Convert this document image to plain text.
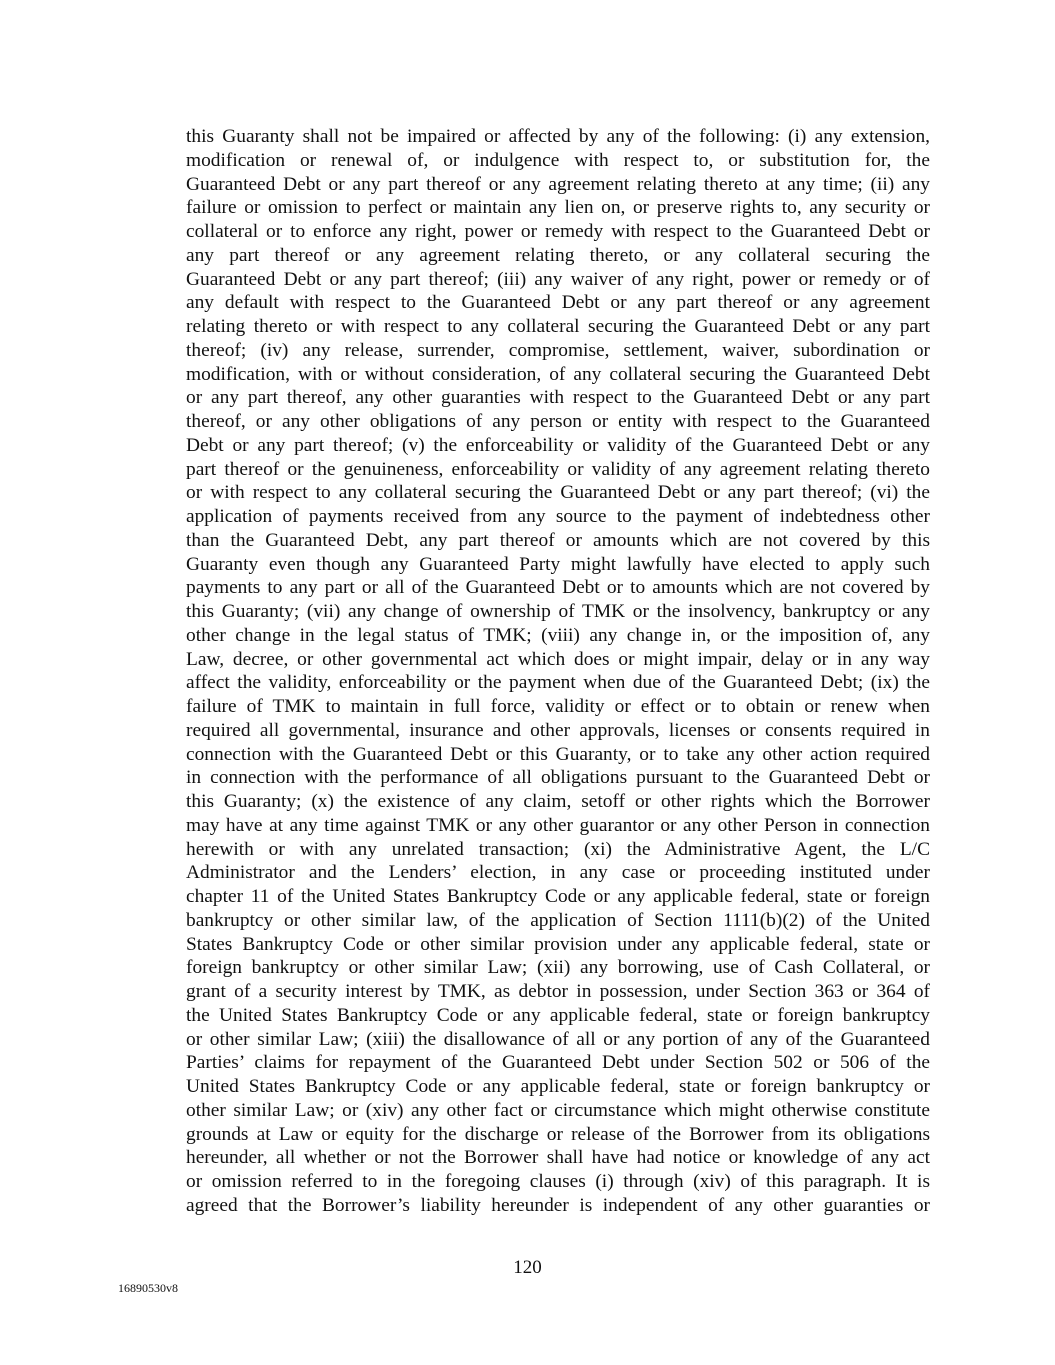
this Guaranty shall not be impaired or affected by any of the following: (i) any extension,
modification or renewal of, or indulgence with respect to, or substitution for, the
Guaranteed Debt or any part thereof or any agreement relating thereto at any time; (ii) any
failure or omission to perfect or maintain any lien on, or preserve rights to, any security or
collateral or to enforce any right, power or remedy with respect to the Guaranteed Debt or
any part thereof or any agreement relating thereto, or any collateral securing the
Guaranteed Debt or any part thereof; (iii) any waiver of any right, power or remedy or of
any default with respect to the Guaranteed Debt or any part thereof or any agreement
relating thereto or with respect to any collateral securing the Guaranteed Debt or any part
thereof; (iv) any release, surrender, compromise, settlement, waiver, subordination or
modification, with or without consideration, of any collateral securing the Guaranteed Debt
or any part thereof, any other guaranties with respect to the Guaranteed Debt or any part
thereof, or any other obligations of any person or entity with respect to the Guaranteed
Debt or any part thereof; (v) the enforceability or validity of the Guaranteed Debt or any
part thereof or the genuineness, enforceability or validity of any agreement relating thereto
or with respect to any collateral securing the Guaranteed Debt or any part thereof; (vi) the
application of payments received from any source to the payment of indebtedness other
than the Guaranteed Debt, any part thereof or amounts which are not covered by this
Guaranty even though any Guaranteed Party might lawfully have elected to apply such
payments to any part or all of the Guaranteed Debt or to amounts which are not covered by
this Guaranty; (vii) any change of ownership of TMK or the insolvency, bankruptcy or any
other change in the legal status of TMK; (viii) any change in, or the imposition of, any
Law, decree, or other governmental act which does or might impair, delay or in any way
affect the validity, enforceability or the payment when due of the Guaranteed Debt; (ix) the
failure of TMK to maintain in full force, validity or effect or to obtain or renew when
required all governmental, insurance and other approvals, licenses or consents required in
connection with the Guaranteed Debt or this Guaranty, or to take any other action required
in connection with the performance of all obligations pursuant to the Guaranteed Debt or
this Guaranty; (x) the existence of any claim, setoff or other rights which the Borrower
may have at any time against TMK or any other guarantor or any other Person in connection
herewith or with any unrelated transaction; (xi) the Administrative Agent, the L/C
Administrator and the Lenders’ election, in any case or proceeding instituted under
chapter 11 of the United States Bankruptcy Code or any applicable federal, state or foreign
bankruptcy or other similar law, of the application of Section 1111(b)(2) of the United
States Bankruptcy Code or other similar provision under any applicable federal, state or
foreign bankruptcy or other similar Law; (xii) any borrowing, use of Cash Collateral, or
grant of a security interest by TMK, as debtor in possession, under Section 363 or 364 of
the United States Bankruptcy Code or any applicable federal, state or foreign bankruptcy
or other similar Law; (xiii) the disallowance of all or any portion of any of the Guaranteed
Parties’ claims for repayment of the Guaranteed Debt under Section 502 or 506 of the
United States Bankruptcy Code or any applicable federal, state or foreign bankruptcy or
other similar Law; or (xiv) any other fact or circumstance which might otherwise constitute
grounds at Law or equity for the discharge or release of the Borrower from its obligations
hereunder, all whether or not the Borrower shall have had notice or knowledge of any act
or omission referred to in the foregoing clauses (i) through (xiv) of this paragraph. It is
agreed that the Borrower’s liability hereunder is independent of any other guaranties or
120
16890530v8
